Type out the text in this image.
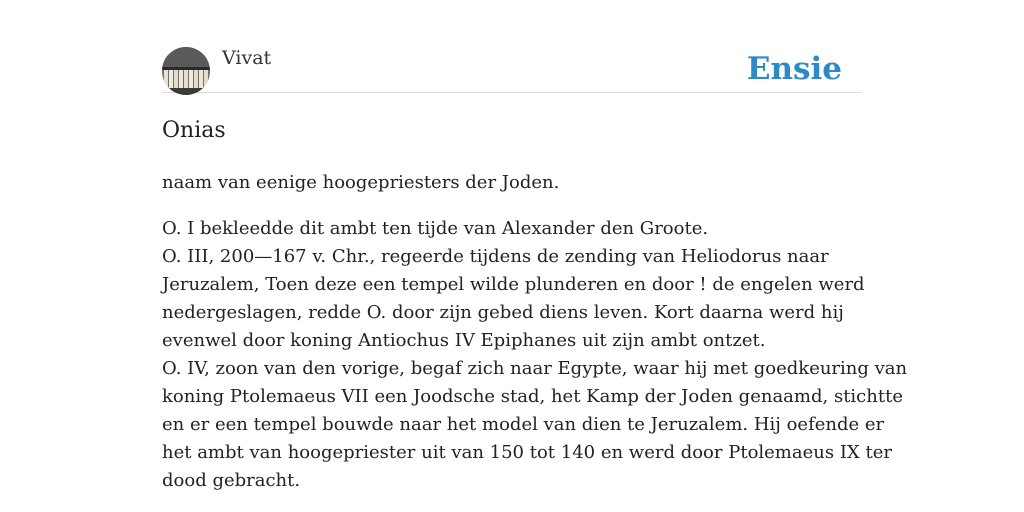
Vivat	Ensie
Onias

naam van eenige hoogepriesters der Joden.

O. I bekleedde dit ambt ten tijde van Alexander den Groote.
O. III, 200—167 v. Chr., regeerde tijdens de zending van Heliodorus naar
Jeruzalem, Toen deze een tempel wilde plunderen en door ! de engelen werd
nedergeslagen, redde O. door zijn gebed diens leven. Kort daarna werd hij
evenwel door koning Antiochus IV Epiphanes uit zijn ambt ontzet.
O. IV, zoon van den vorige, begaf zich naar Egypte, waar hij met goedkeuring van
koning Ptolemaeus VII een Joodsche stad, het Kamp der Joden genaamd, stichtte
en er een tempel bouwde naar het model van dien te Jeruzalem. Hij oefende er
het ambt van hoogepriester uit van 150 tot 140 en werd door Ptolemaeus IX ter
dood gebracht.
